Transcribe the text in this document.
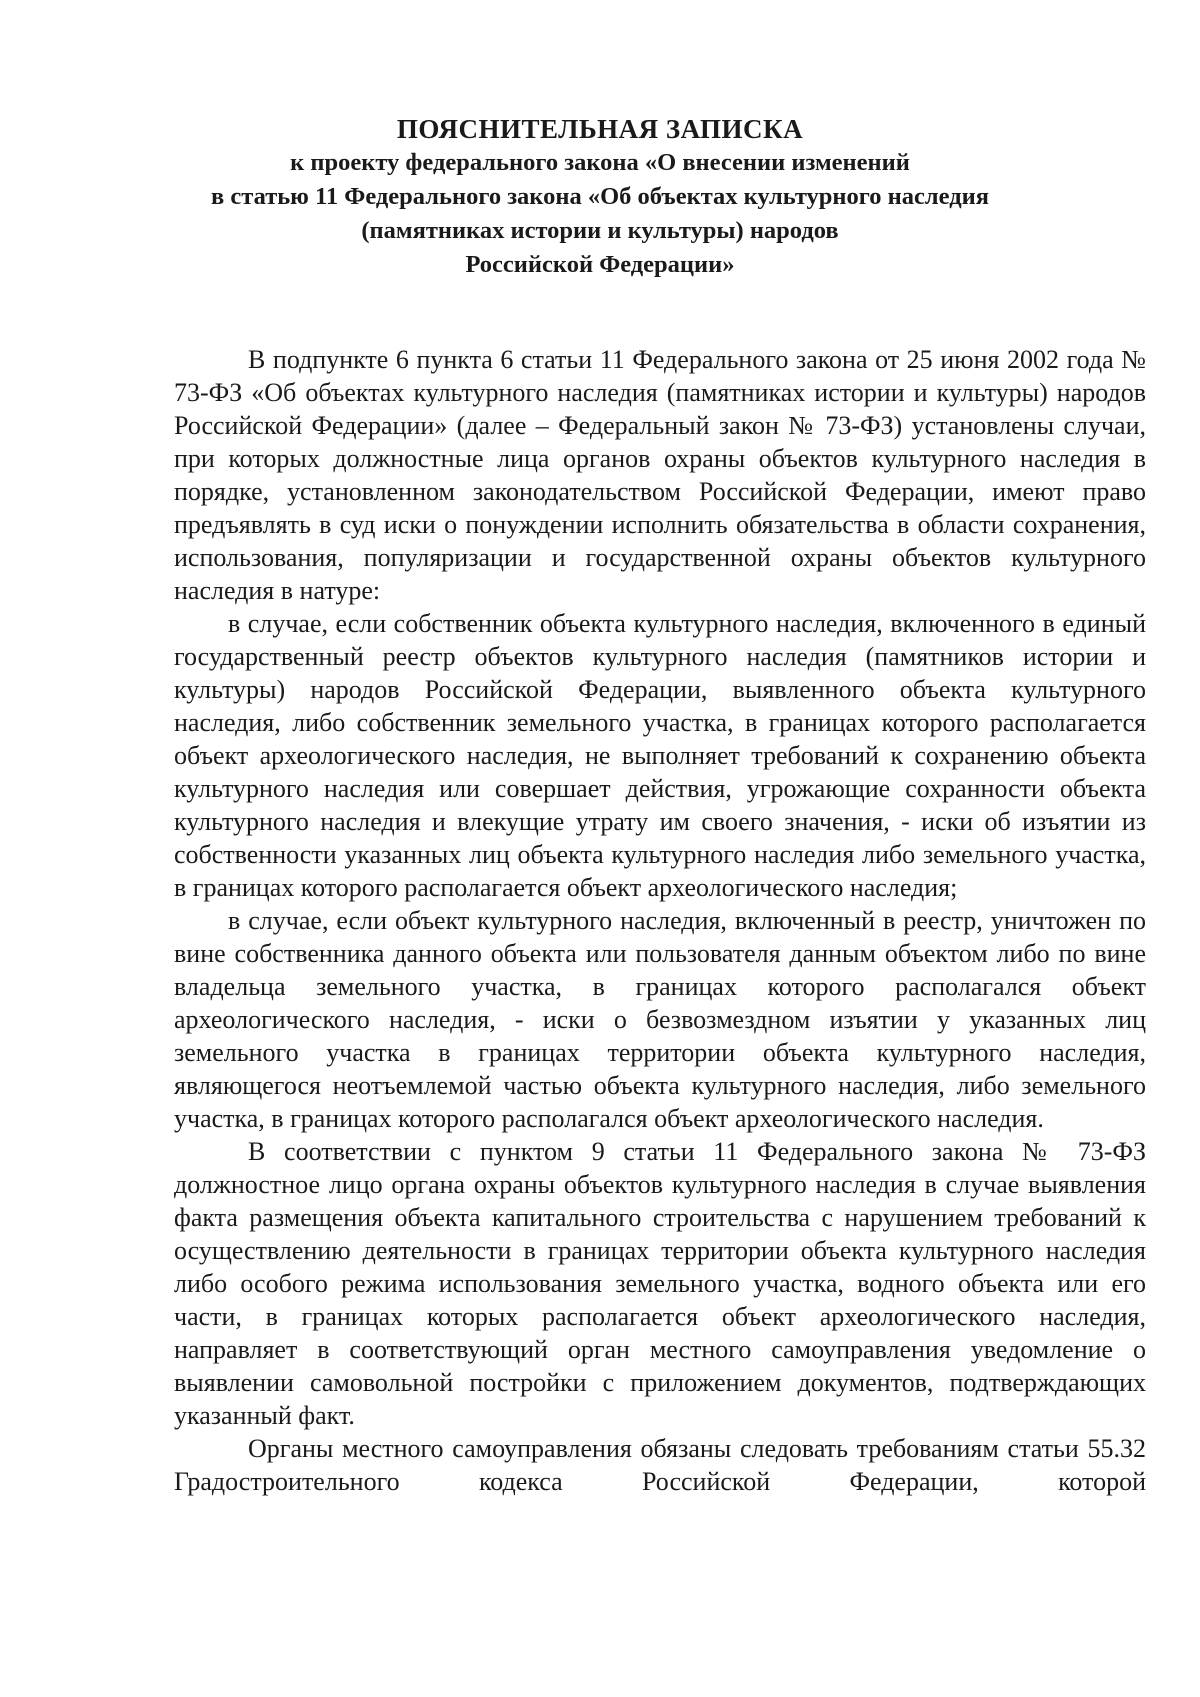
ПОЯСНИТЕЛЬНАЯ ЗАПИСКА
к проекту федерального закона «О внесении изменений
в статью 11 Федерального закона «Об объектах культурного наследия
(памятниках истории и культуры) народов
Российской Федерации»

В подпункте 6 пункта 6 статьи 11 Федерального закона от 25 июня 2002 года № 73-ФЗ «Об объектах культурного наследия (памятниках истории и культуры) народов Российской Федерации» (далее – Федеральный закон № 73-ФЗ) установлены случаи, при которых должностные лица органов охраны объектов культурного наследия в порядке, установленном законодательством Российской Федерации, имеют право предъявлять в суд иски о понуждении исполнить обязательства в области сохранения, использования, популяризации и государственной охраны объектов культурного наследия в натуре:

в случае, если собственник объекта культурного наследия, включенного в единый государственный реестр объектов культурного наследия (памятников истории и культуры) народов Российской Федерации, выявленного объекта культурного наследия, либо собственник земельного участка, в границах которого располагается объект археологического наследия, не выполняет требований к сохранению объекта культурного наследия или совершает действия, угрожающие сохранности объекта культурного наследия и влекущие утрату им своего значения, - иски об изъятии из собственности указанных лиц объекта культурного наследия либо земельного участка, в границах которого располагается объект археологического наследия;

в случае, если объект культурного наследия, включенный в реестр, уничтожен по вине собственника данного объекта или пользователя данным объектом либо по вине владельца земельного участка, в границах которого располагался объект археологического наследия, - иски о безвозмездном изъятии у указанных лиц земельного участка в границах территории объекта культурного наследия, являющегося неотъемлемой частью объекта культурного наследия, либо земельного участка, в границах которого располагался объект археологического наследия.

В соответствии с пунктом 9 статьи 11 Федерального закона № 73-ФЗ должностное лицо органа охраны объектов культурного наследия в случае выявления факта размещения объекта капитального строительства с нарушением требований к осуществлению деятельности в границах территории объекта культурного наследия либо особого режима использования земельного участка, водного объекта или его части, в границах которых располагается объект археологического наследия, направляет в соответствующий орган местного самоуправления уведомление о выявлении самовольной постройки с приложением документов, подтверждающих указанный факт.

Органы местного самоуправления обязаны следовать требованиям статьи 55.32 Градостроительного кодекса Российской Федерации, которой
